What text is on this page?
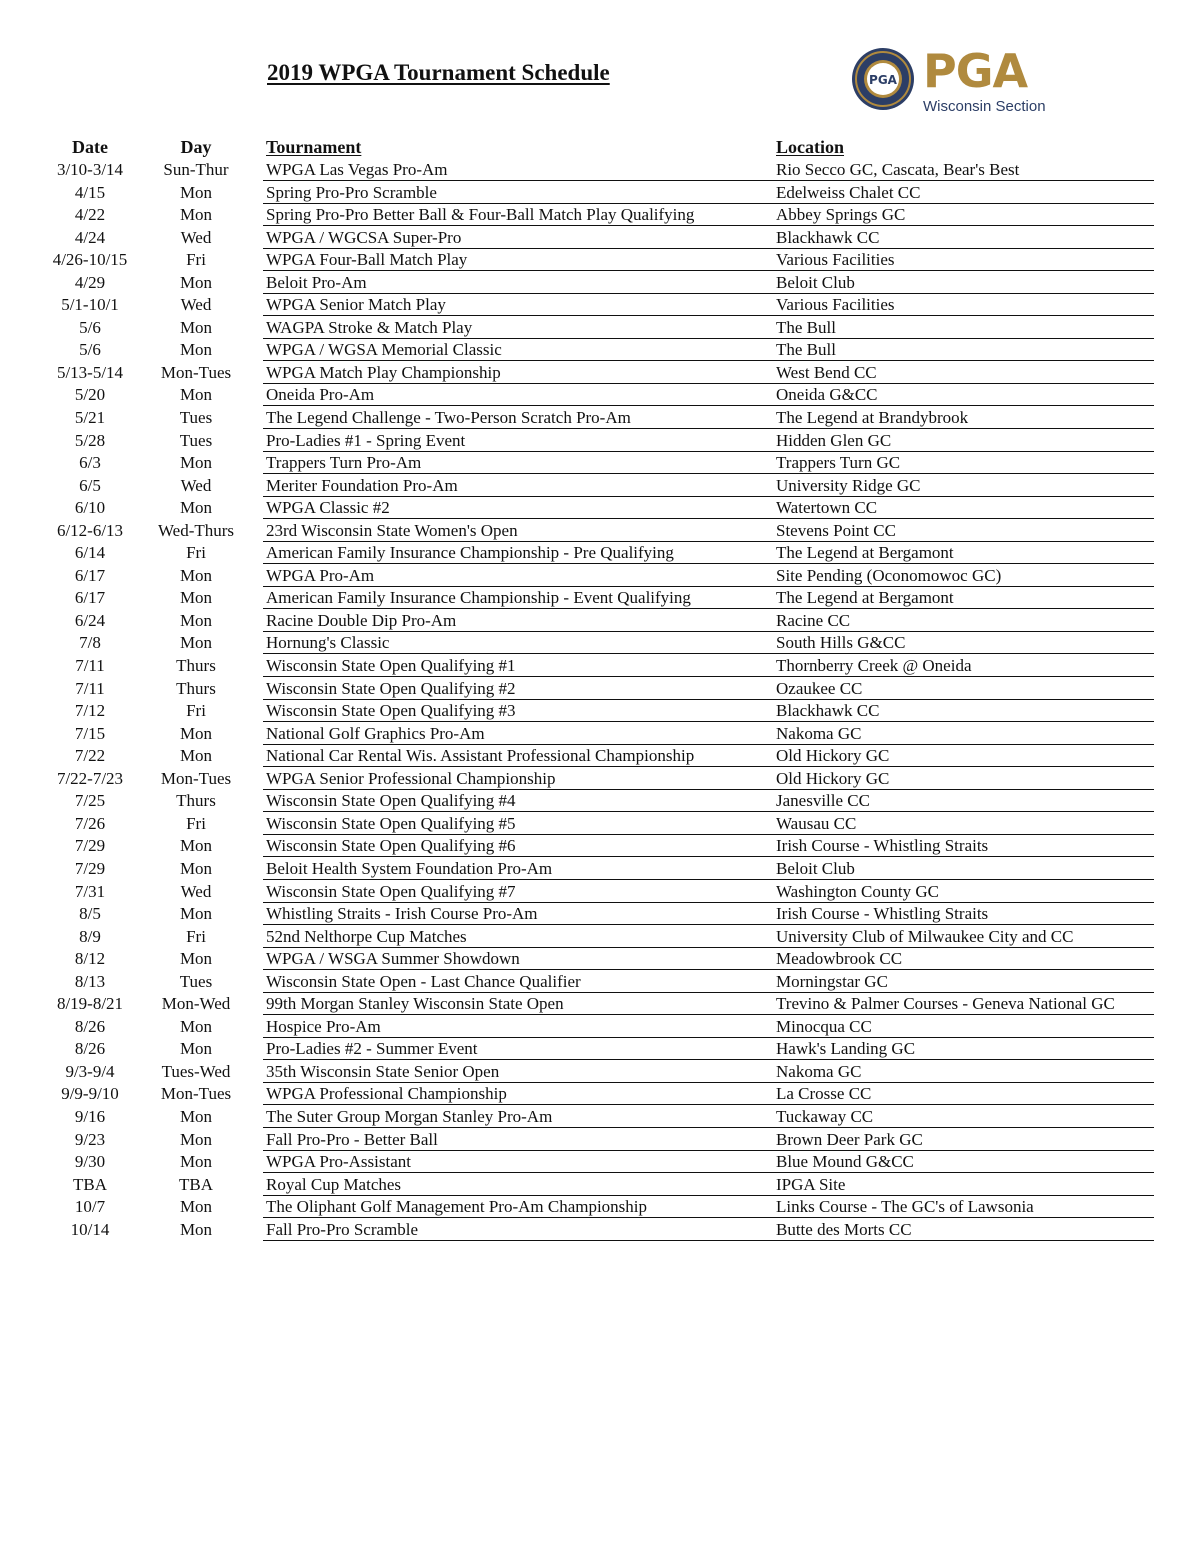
2019 WPGA Tournament Schedule	PGA PGA
Wisconsin Section
Date	Day	Tournament	Location
3/10-3/14	Sun-Thur	WPGA Las Vegas Pro-Am	Rio Secco GC, Cascata, Bear's Best
4/15	Mon	Spring Pro-Pro Scramble	Edelweiss Chalet CC
4/22	Mon	Spring Pro-Pro Better Ball & Four-Ball Match Play Qualifying	Abbey Springs GC
4/24	Wed	WPGA / WGCSA Super-Pro	Blackhawk CC
4/26-10/15	Fri	WPGA Four-Ball Match Play	Various Facilities
4/29	Mon	Beloit Pro-Am	Beloit Club
5/1-10/1	Wed	WPGA Senior Match Play	Various Facilities
5/6	Mon	WAGPA Stroke & Match Play	The Bull
5/6	Mon	WPGA / WGSA Memorial Classic	The Bull
5/13-5/14	Mon-Tues	WPGA Match Play Championship	West Bend CC
5/20	Mon	Oneida Pro-Am	Oneida G&CC
5/21	Tues	The Legend Challenge - Two-Person Scratch Pro-Am	The Legend at Brandybrook
5/28	Tues	Pro-Ladies #1 - Spring Event	Hidden Glen GC
6/3	Mon	Trappers Turn Pro-Am	Trappers Turn GC
6/5	Wed	Meriter Foundation Pro-Am	University Ridge GC
6/10	Mon	WPGA Classic #2	Watertown CC
6/12-6/13	Wed-Thurs	23rd Wisconsin State Women's Open	Stevens Point CC
6/14	Fri	American Family Insurance Championship - Pre Qualifying	The Legend at Bergamont
6/17	Mon	WPGA Pro-Am	Site Pending (Oconomowoc GC)
6/17	Mon	American Family Insurance Championship - Event Qualifying	The Legend at Bergamont
6/24	Mon	Racine Double Dip Pro-Am	Racine CC
7/8	Mon	Hornung's Classic	South Hills G&CC
7/11	Thurs	Wisconsin State Open Qualifying #1	Thornberry Creek @ Oneida
7/11	Thurs	Wisconsin State Open Qualifying #2	Ozaukee CC
7/12	Fri	Wisconsin State Open Qualifying #3	Blackhawk CC
7/15	Mon	National Golf Graphics Pro-Am	Nakoma GC
7/22	Mon	National Car Rental Wis. Assistant Professional Championship	Old Hickory GC
7/22-7/23	Mon-Tues	WPGA Senior Professional Championship	Old Hickory GC
7/25	Thurs	Wisconsin State Open Qualifying #4	Janesville CC
7/26	Fri	Wisconsin State Open Qualifying #5	Wausau CC
7/29	Mon	Wisconsin State Open Qualifying #6	Irish Course - Whistling Straits
7/29	Mon	Beloit Health System Foundation Pro-Am	Beloit Club
7/31	Wed	Wisconsin State Open Qualifying #7	Washington County GC
8/5	Mon	Whistling Straits - Irish Course Pro-Am	Irish Course - Whistling Straits
8/9	Fri	52nd Nelthorpe Cup Matches	University Club of Milwaukee City and CC
8/12	Mon	WPGA / WSGA Summer Showdown	Meadowbrook CC
8/13	Tues	Wisconsin State Open - Last Chance Qualifier	Morningstar GC
8/19-8/21	Mon-Wed	99th Morgan Stanley Wisconsin State Open	Trevino & Palmer Courses - Geneva National GC
8/26	Mon	Hospice Pro-Am	Minocqua CC
8/26	Mon	Pro-Ladies #2 - Summer Event	Hawk's Landing GC
9/3-9/4	Tues-Wed	35th Wisconsin State Senior Open	Nakoma GC
9/9-9/10	Mon-Tues	WPGA Professional Championship	La Crosse CC
9/16	Mon	The Suter Group Morgan Stanley Pro-Am	Tuckaway CC
9/23	Mon	Fall Pro-Pro - Better Ball	Brown Deer Park GC
9/30	Mon	WPGA Pro-Assistant	Blue Mound G&CC
TBA	TBA	Royal Cup Matches	IPGA Site
10/7	Mon	The Oliphant Golf Management Pro-Am Championship	Links Course - The GC's of Lawsonia
10/14	Mon	Fall Pro-Pro Scramble	Butte des Morts CC
